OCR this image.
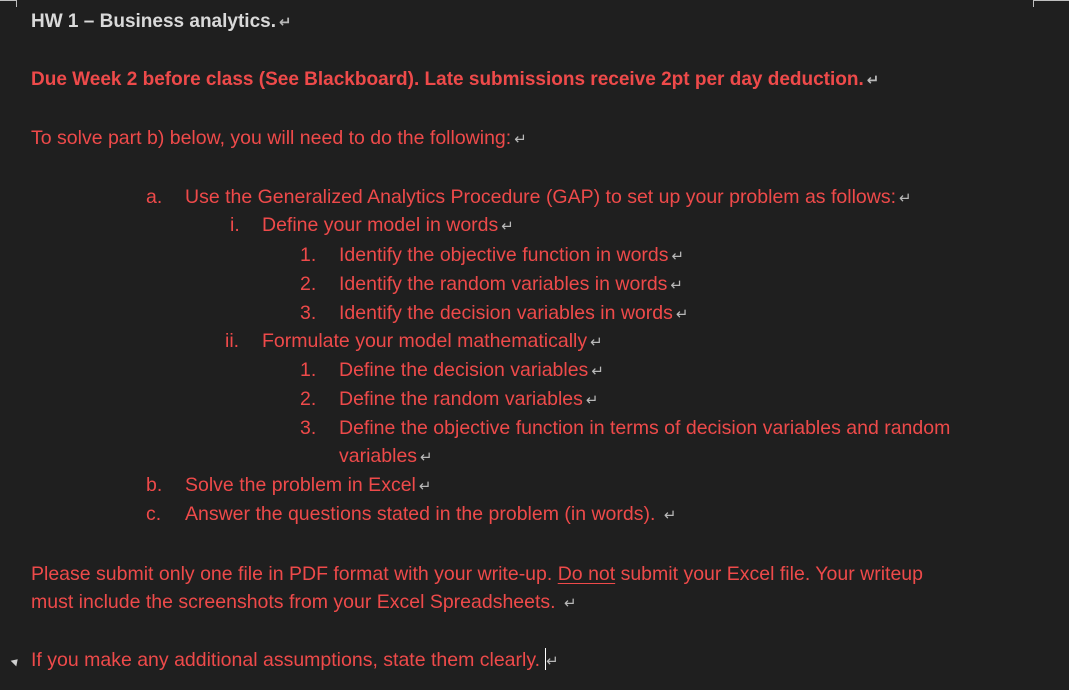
HW 1 – Business analytics. ↵
Due Week 2 before class (See Blackboard). Late submissions receive 2pt per day deduction. ↵
To solve part b) below, you will need to do the following: ↵
a. Use the Generalized Analytics Procedure (GAP) to set up your problem as follows: ↵
i. Define your model in words ↵
1. Identify the objective function in words ↵
2. Identify the random variables in words ↵
3. Identify the decision variables in words ↵
ii. Formulate your model mathematically ↵
1. Define the decision variables ↵
2. Define the random variables ↵
3. Define the objective function in terms of decision variables and random
variables ↵
b. Solve the problem in Excel ↵
c. Answer the questions stated in the problem (in words). ↵
Please submit only one file in PDF format with your write-up. Do not submit your Excel file. Your writeup
must include the screenshots from your Excel Spreadsheets. ↵
If you make any additional assumptions, state them clearly. ↵
